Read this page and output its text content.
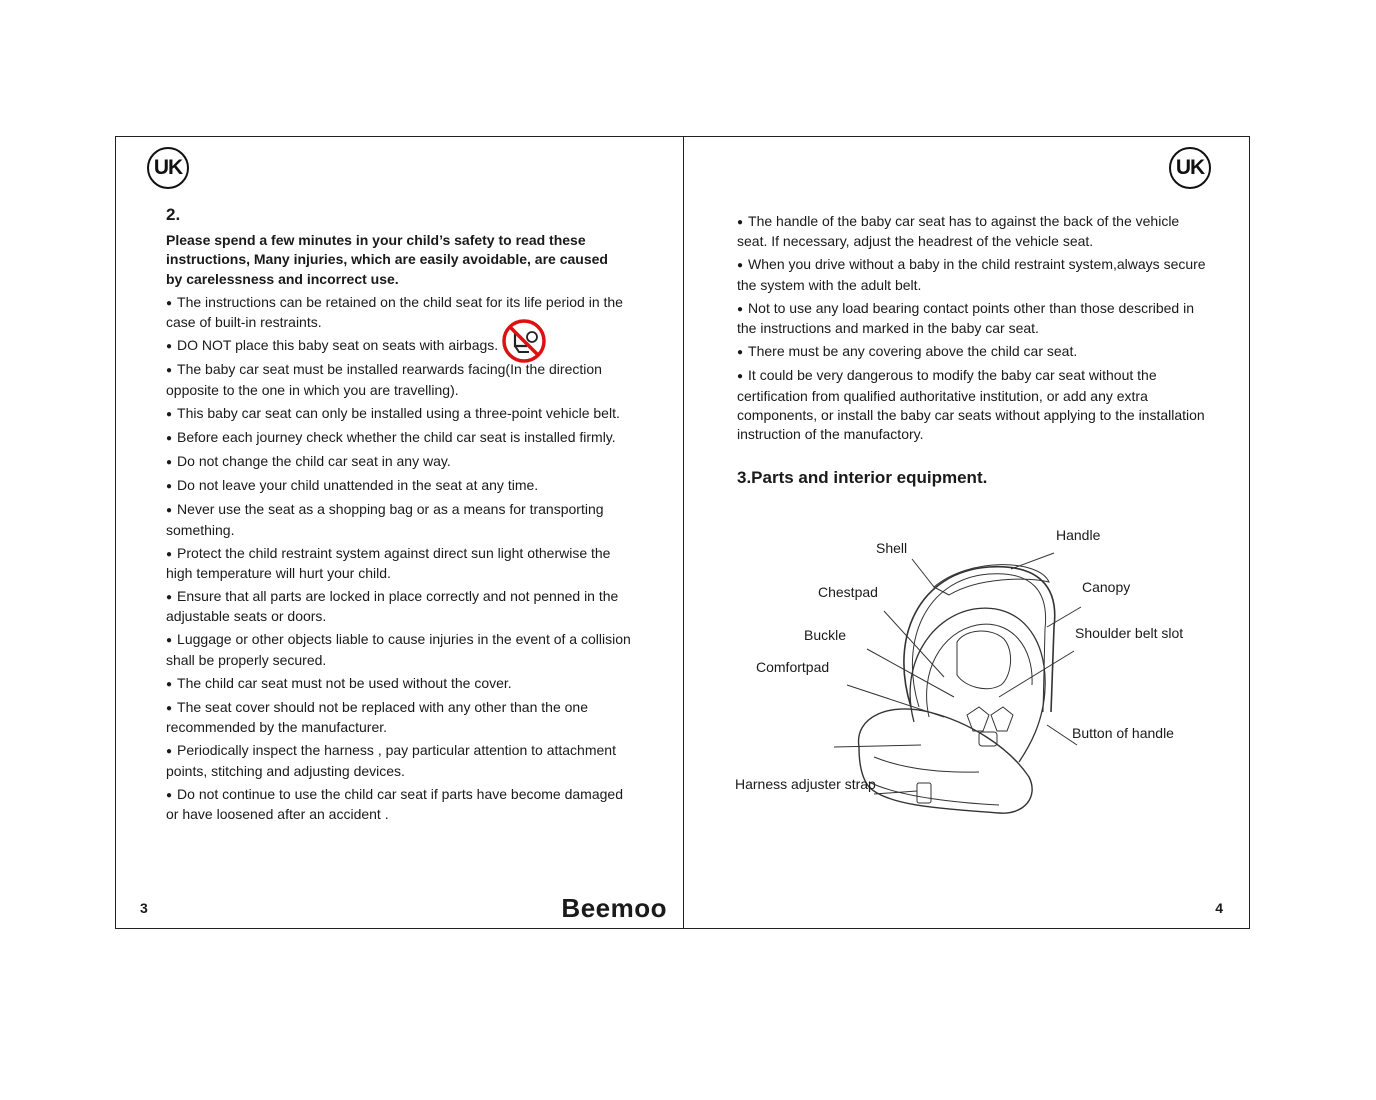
UK
2.
Please spend a few minutes in your child’s safety to read these instructions, Many injuries, which are easily avoidable, are caused by carelessness and incorrect use.
● The instructions can be retained on the child seat for its life period in the case of built-in restraints.
● DO NOT place this baby seat on seats with airbags.
● The baby car seat must be installed rearwards facing(In the direction opposite to the one in which you are travelling).
● This baby car seat can only be installed using a three-point vehicle belt.
● Before each journey check whether the child car seat is installed firmly.
● Do not change the child car seat in any way.
● Do not leave your child unattended in the seat at any time.
● Never use the seat as a shopping bag or as a means for transporting something.
● Protect the child restraint system against direct sun light otherwise the high temperature will hurt your child.
● Ensure that all parts are locked in place correctly and not penned in the adjustable seats or doors.
● Luggage or other objects liable to cause injuries in the event of a collision shall be properly secured.
● The child car seat must not be used without the cover.
● The seat cover should not be replaced with any other than the one recommended by the manufacturer.
● Periodically inspect the harness , pay particular attention to attachment points, stitching and adjusting devices.
● Do not continue to use the child car seat if parts have become damaged or have loosened after an accident .
3	Beemoo
UK
● The handle of the baby car seat has to against the back of the vehicle seat. If necessary, adjust the headrest of the vehicle seat.
● When you drive without a baby in the child restraint system,always secure the system with the adult belt.
● Not to use any load bearing contact points other than those described in the instructions and marked in the baby car seat.
● There must be any covering above the child car seat.
● It could be very dangerous to modify the baby car seat without the certification from qualified authoritative institution, or add any extra components, or install the baby car seats without applying to the installation instruction of the manufactory.
3.Parts and interior equipment.
Shell
Handle
Chestpad	Canopy
Buckle	Shoulder belt slot
Comfortpad
Button of handle
Harness adjuster strap
4
